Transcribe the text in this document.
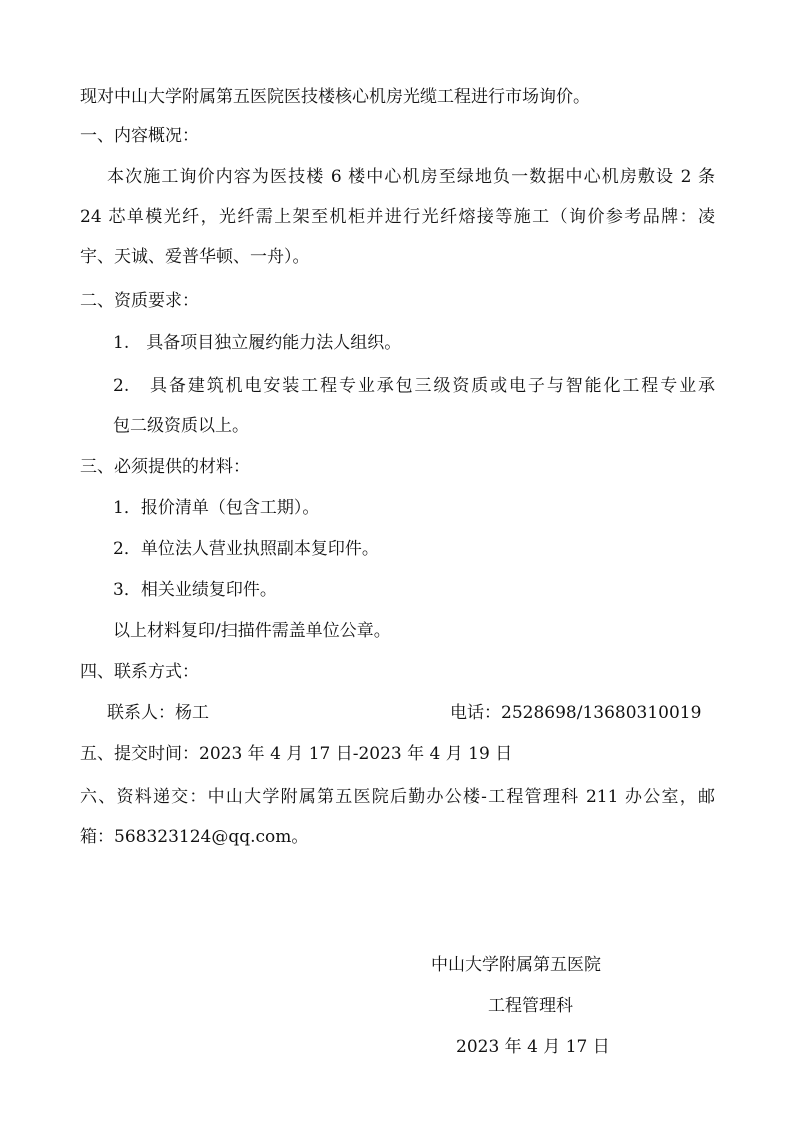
现对中山大学附属第五医院医技楼核心机房光缆工程进行市场询价。
一、内容概况：
本次施工询价内容为医技楼 6 楼中心机房至绿地负一数据中心机房敷设 2 条
24 芯单模光纤，光纤需上架至机柜并进行光纤熔接等施工（询价参考品牌：凌
宇、天诚、爱普华顿、一舟）。
二、资质要求：
1.　具备项目独立履约能力法人组织。
2.　具备建筑机电安装工程专业承包三级资质或电子与智能化工程专业承
包二级资质以上。
三、必须提供的材料：
1．报价清单（包含工期）。
2．单位法人营业执照副本复印件。
3．相关业绩复印件。
以上材料复印/扫描件需盖单位公章。
四、联系方式：
联系人：杨工	电话：2528698/13680310019
五、提交时间：2023 年 4 月 17 日-2023 年 4 月 19 日
六、资料递交：中山大学附属第五医院后勤办公楼-工程管理科 211 办公室，邮
箱：568323124@qq.com。
中山大学附属第五医院
工程管理科
2023 年 4 月 17 日
